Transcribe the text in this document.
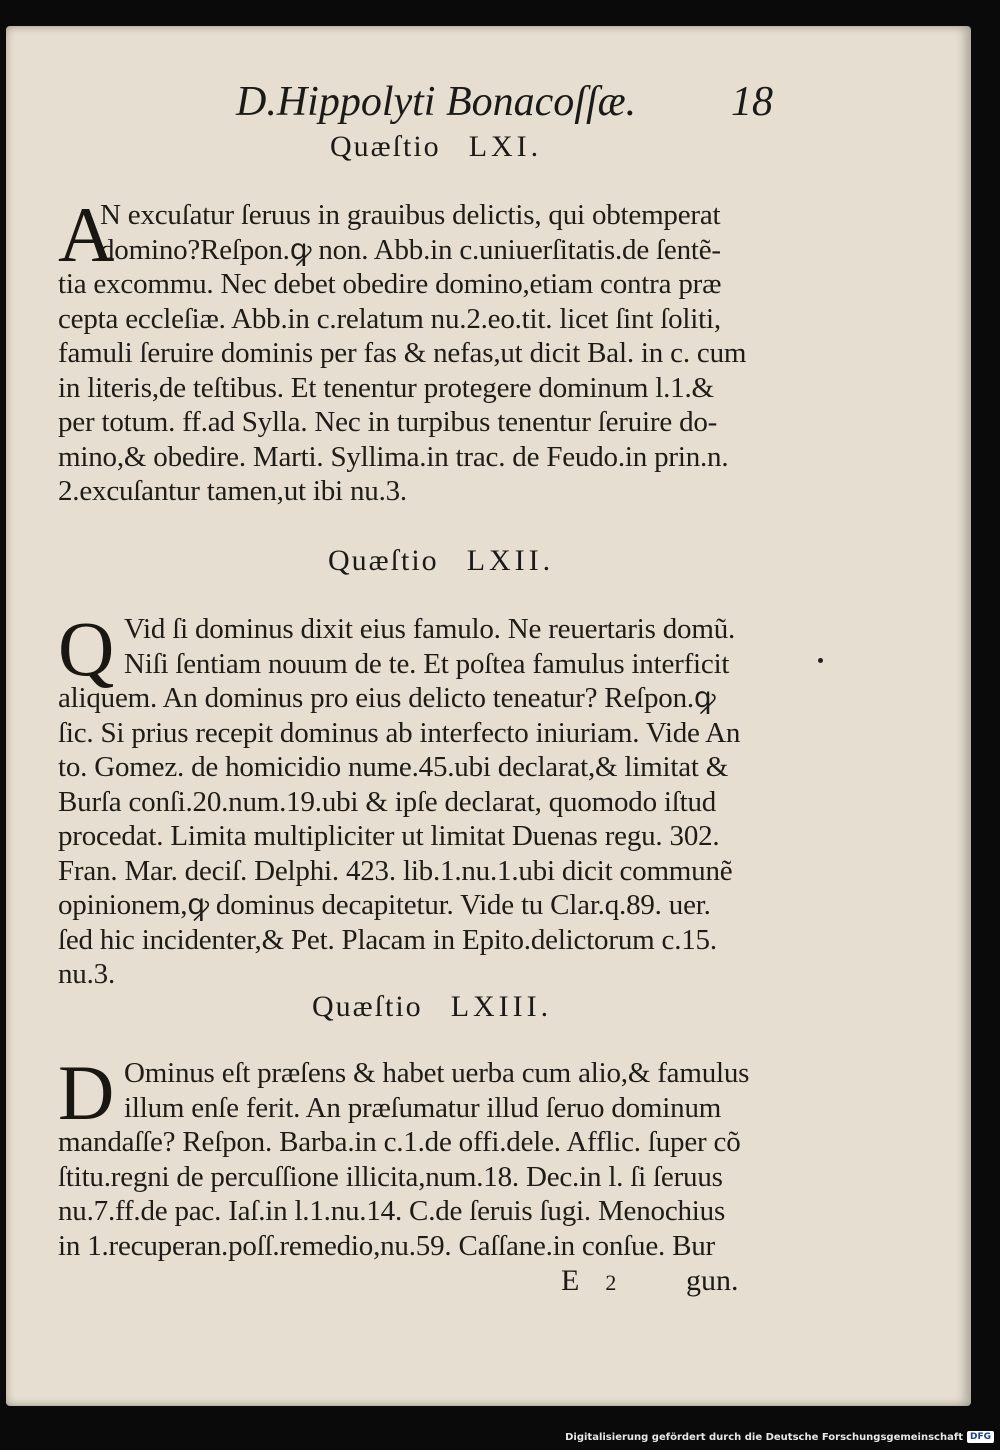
D.Hippolyti Bonacoſſæ. 18
Quæſtio LXI.
A
N excuſatur ſeruus in grauibus delictis, qui obtemperat
domino?Reſpon.ꝙ non. Abb.in c.uniuerſitatis.de ſentẽ-
tia excommu. Nec debet obedire domino,etiam contra præ
cepta eccleſiæ. Abb.in c.relatum nu.2.eo.tit. licet ſint ſoliti,
famuli ſeruire dominis per fas & nefas,ut dicit Bal. in c. cum
in literis,de teſtibus. Et tenentur protegere dominum l.1.&
per totum. ff.ad Sylla. Nec in turpibus tenentur ſeruire do-
mino,& obedire. Marti. Syllima.in trac. de Feudo.in prin.n.
2.excuſantur tamen,ut ibi nu.3.
Quæſtio LXII.
Q Vid ſi dominus dixit eius famulo. Ne reuertaris domũ.
Niſi ſentiam nouum de te. Et poſtea famulus interficit
aliquem. An dominus pro eius delicto teneatur? Reſpon.ꝙ
ſic. Si prius recepit dominus ab interfecto iniuriam. Vide An
to. Gomez. de homicidio nume.45.ubi declarat,& limitat &
Burſa conſi.20.num.19.ubi & ipſe declarat, quomodo iſtud
procedat. Limita multipliciter ut limitat Duenas regu. 302.
Fran. Mar. deciſ. Delphi. 423. lib.1.nu.1.ubi dicit communẽ
opinionem,ꝙ dominus decapitetur. Vide tu Clar.q.89. uer.
ſed hic incidenter,& Pet. Placam in Epito.delictorum c.15.
nu.3.
Quæſtio LXIII.
D Ominus eſt præſens & habet uerba cum alio,& famulus
illum enſe ferit. An præſumatur illud ſeruo dominum
mandaſſe? Reſpon. Barba.in c.1.de offi.dele. Afflic. ſuper cõ
ſtitu.regni de percuſſione illicita,num.18. Dec.in l. ſi ſeruus
nu.7.ff.de pac. Iaſ.in l.1.nu.14. C.de ſeruis ſugi. Menochius
in 1.recuperan.poſſ.remedio,nu.59. Caſſane.in conſue. Bur
E 2 gun.
Digitalisierung gefördert durch die Deutsche Forschungsgemeinschaft DFG
